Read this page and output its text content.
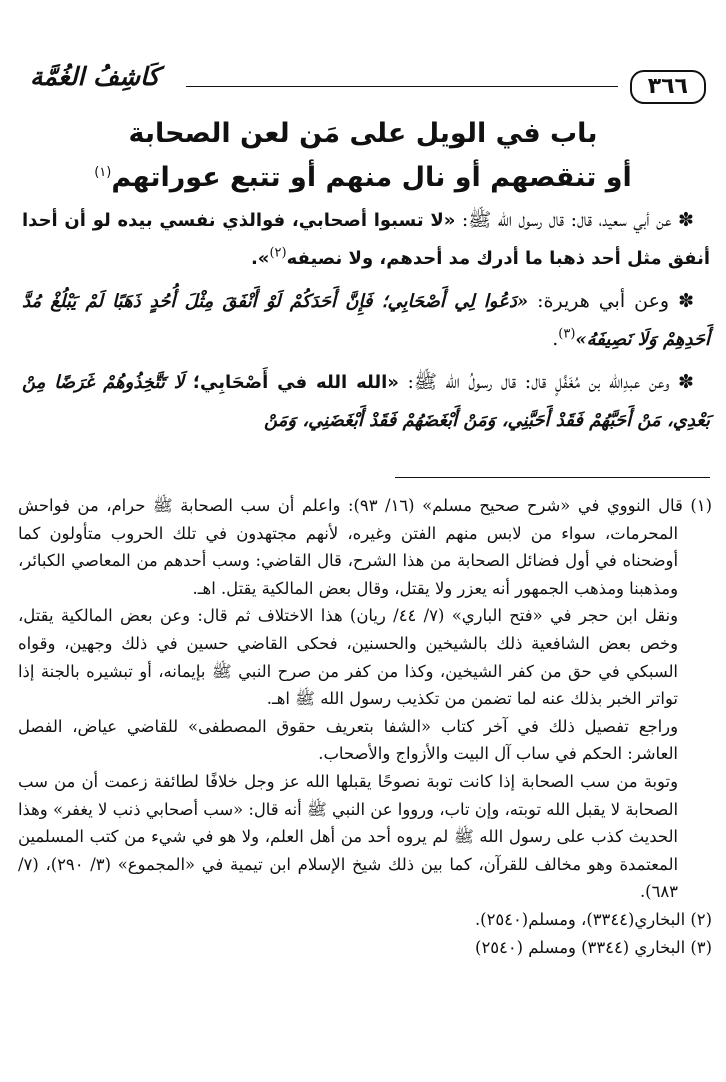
٣٦٦
كَاشِفُ الغُمَّة
باب في الويل على مَن لعن الصحابة
أو تنقصهم أو نال منهم أو تتبع عوراتهم$^{(١)}$

✽ عن أبي سعيد، قال: قال رسول الله ﷺ: «لا تسبوا أصحابي، فوالذي نفسي بيده لو أن أحدا أنفق مثل أحد ذهبا ما أدرك مد أحدهم، ولا نصيفه$^{(٢)}$».

✽ وعن أبي هريرة: «دَعُوا لِي أَصْحَابِي؛ فَإِنَّ أَحَدَكُمْ لَوْ أَنْفَقَ مِثْلَ أُحُدٍ ذَهَبًا لَمْ يَبْلُغْ مُدَّ أَحَدِهِمْ وَلَا نَصِيفَهُ»$^{(٣)}$.

✽ وعن عبدِالله بن مُغَفَّلٍ قال: قال رسولُ الله ﷺ: «الله الله في أَصْحَابِي؛ لَا تَتَّخِذُوهُمْ غَرَضًا مِنْ بَعْدِي، مَنْ أَحَبَّهُمْ فَقَدْ أَحَبَّنِي، وَمَنْ أَبْغَضَهُمْ فَقَدْ أَبْغَضَنِي، وَمَنْ

(١) قال النووي في «شرح صحيح مسلم» (١٦/ ٩٣): واعلم أن سب الصحابة ﷺ حرام، من فواحش المحرمات، سواء من لابس منهم الفتن وغيره، لأنهم مجتهدون في تلك الحروب متأولون كما أوضحناه في أول فضائل الصحابة من هذا الشرح، قال القاضي: وسب أحدهم من المعاصي الكبائر، ومذهبنا ومذهب الجمهور أنه يعزر ولا يقتل، وقال بعض المالكية يقتل. اهـ.

ونقل ابن حجر في «فتح الباري» (٧/ ٤٤/ ريان) هذا الاختلاف ثم قال: وعن بعض المالكية يقتل، وخص بعض الشافعية ذلك بالشيخين والحسنين، فحكى القاضي حسين في ذلك وجهين، وقواه السبكي في حق من كفر الشيخين، وكذا من كفر من صرح النبي ﷺ بإيمانه، أو تبشيره بالجنة إذا تواتر الخبر بذلك عنه لما تضمن من تكذيب رسول الله ﷺ اهـ.

وراجع تفصيل ذلك في آخر كتاب «الشفا بتعريف حقوق المصطفى» للقاضي عياض، الفصل العاشر: الحكم في ساب آل البيت والأزواج والأصحاب.

وتوبة من سب الصحابة إذا كانت توبة نصوحًا يقبلها الله عز وجل خلافًا لطائفة زعمت أن من سب الصحابة لا يقبل الله توبته، وإن تاب، ورووا عن النبي ﷺ أنه قال: «سب أصحابي ذنب لا يغفر» وهذا الحديث كذب على رسول الله ﷺ لم يروه أحد من أهل العلم، ولا هو في شيء من كتب المسلمين المعتمدة وهو مخالف للقرآن، كما بين ذلك شيخ الإسلام ابن تيمية في «المجموع» (٣/ ٢٩٠)، (٧/ ٦٨٣).

(٢) البخاري(٣٣٤٤)، ومسلم(٢٥٤٠).

(٣) البخاري (٣٣٤٤) ومسلم (٢٥٤٠)
